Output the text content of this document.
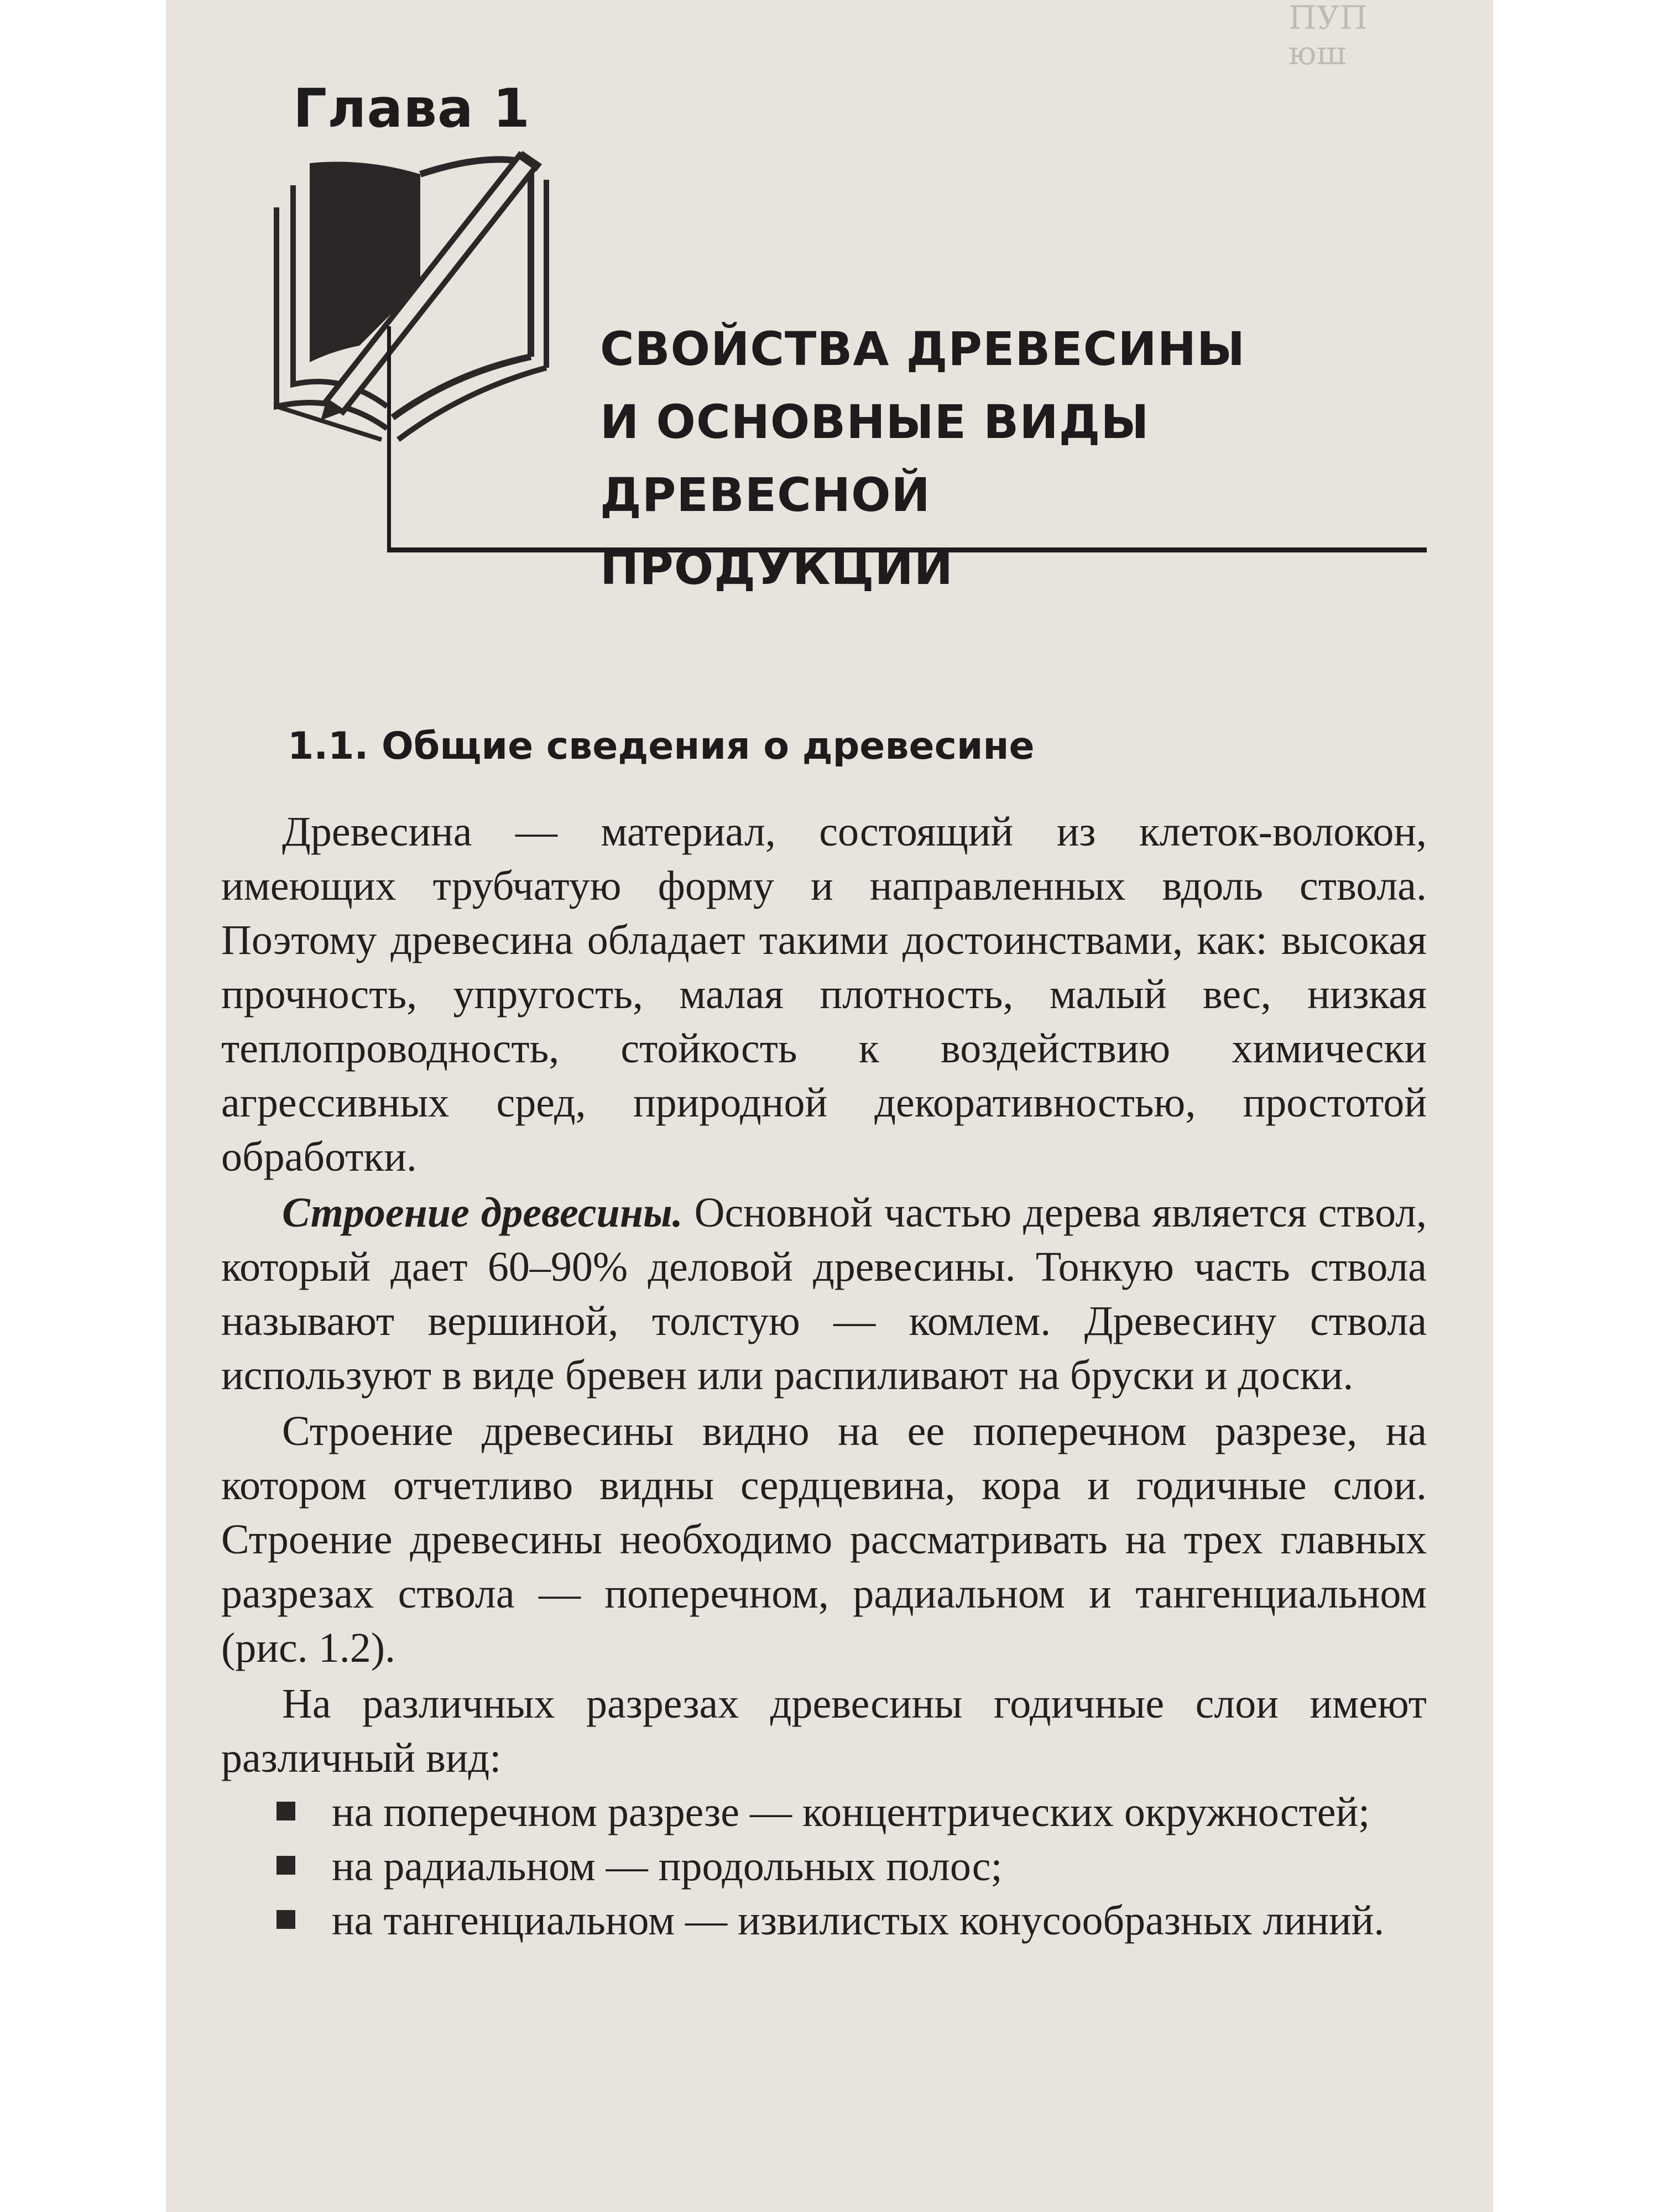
ПУП
юш
Глава 1
СВОЙСТВА ДРЕВЕСИНЫ
И ОСНОВНЫЕ ВИДЫ ДРЕВЕСНОЙ
ПРОДУКЦИИ
1.1. Общие сведения о древесине

Древесина — материал, состоящий из клеток-волокон, имеющих трубчатую форму и направленных вдоль ствола. Поэтому древесина обладает такими достоинствами, как: высокая прочность, упругость, малая плотность, малый вес, низкая теплопроводность, стойкость к воздействию химически агрессивных сред, природной декоративностью, простотой обработки.

Строение древесины. Основной частью дерева является ствол, который дает 60–90% деловой древесины. Тонкую часть ствола называют вершиной, толстую — комлем. Древесину ствола используют в виде бревен или распиливают на бруски и доски.

Строение древесины видно на ее поперечном разрезе, на котором отчетливо видны сердцевина, кора и годичные слои. Строение древесины необходимо рассматривать на трех главных разрезах ствола — поперечном, радиальном и тангенциальном (рис. 1.2).

На различных разрезах древесины годичные слои имеют различный вид:

на поперечном разрезе — концентрических окружностей;
на радиальном — продольных полос;
на тангенциальном — извилистых конусообразных линий.
